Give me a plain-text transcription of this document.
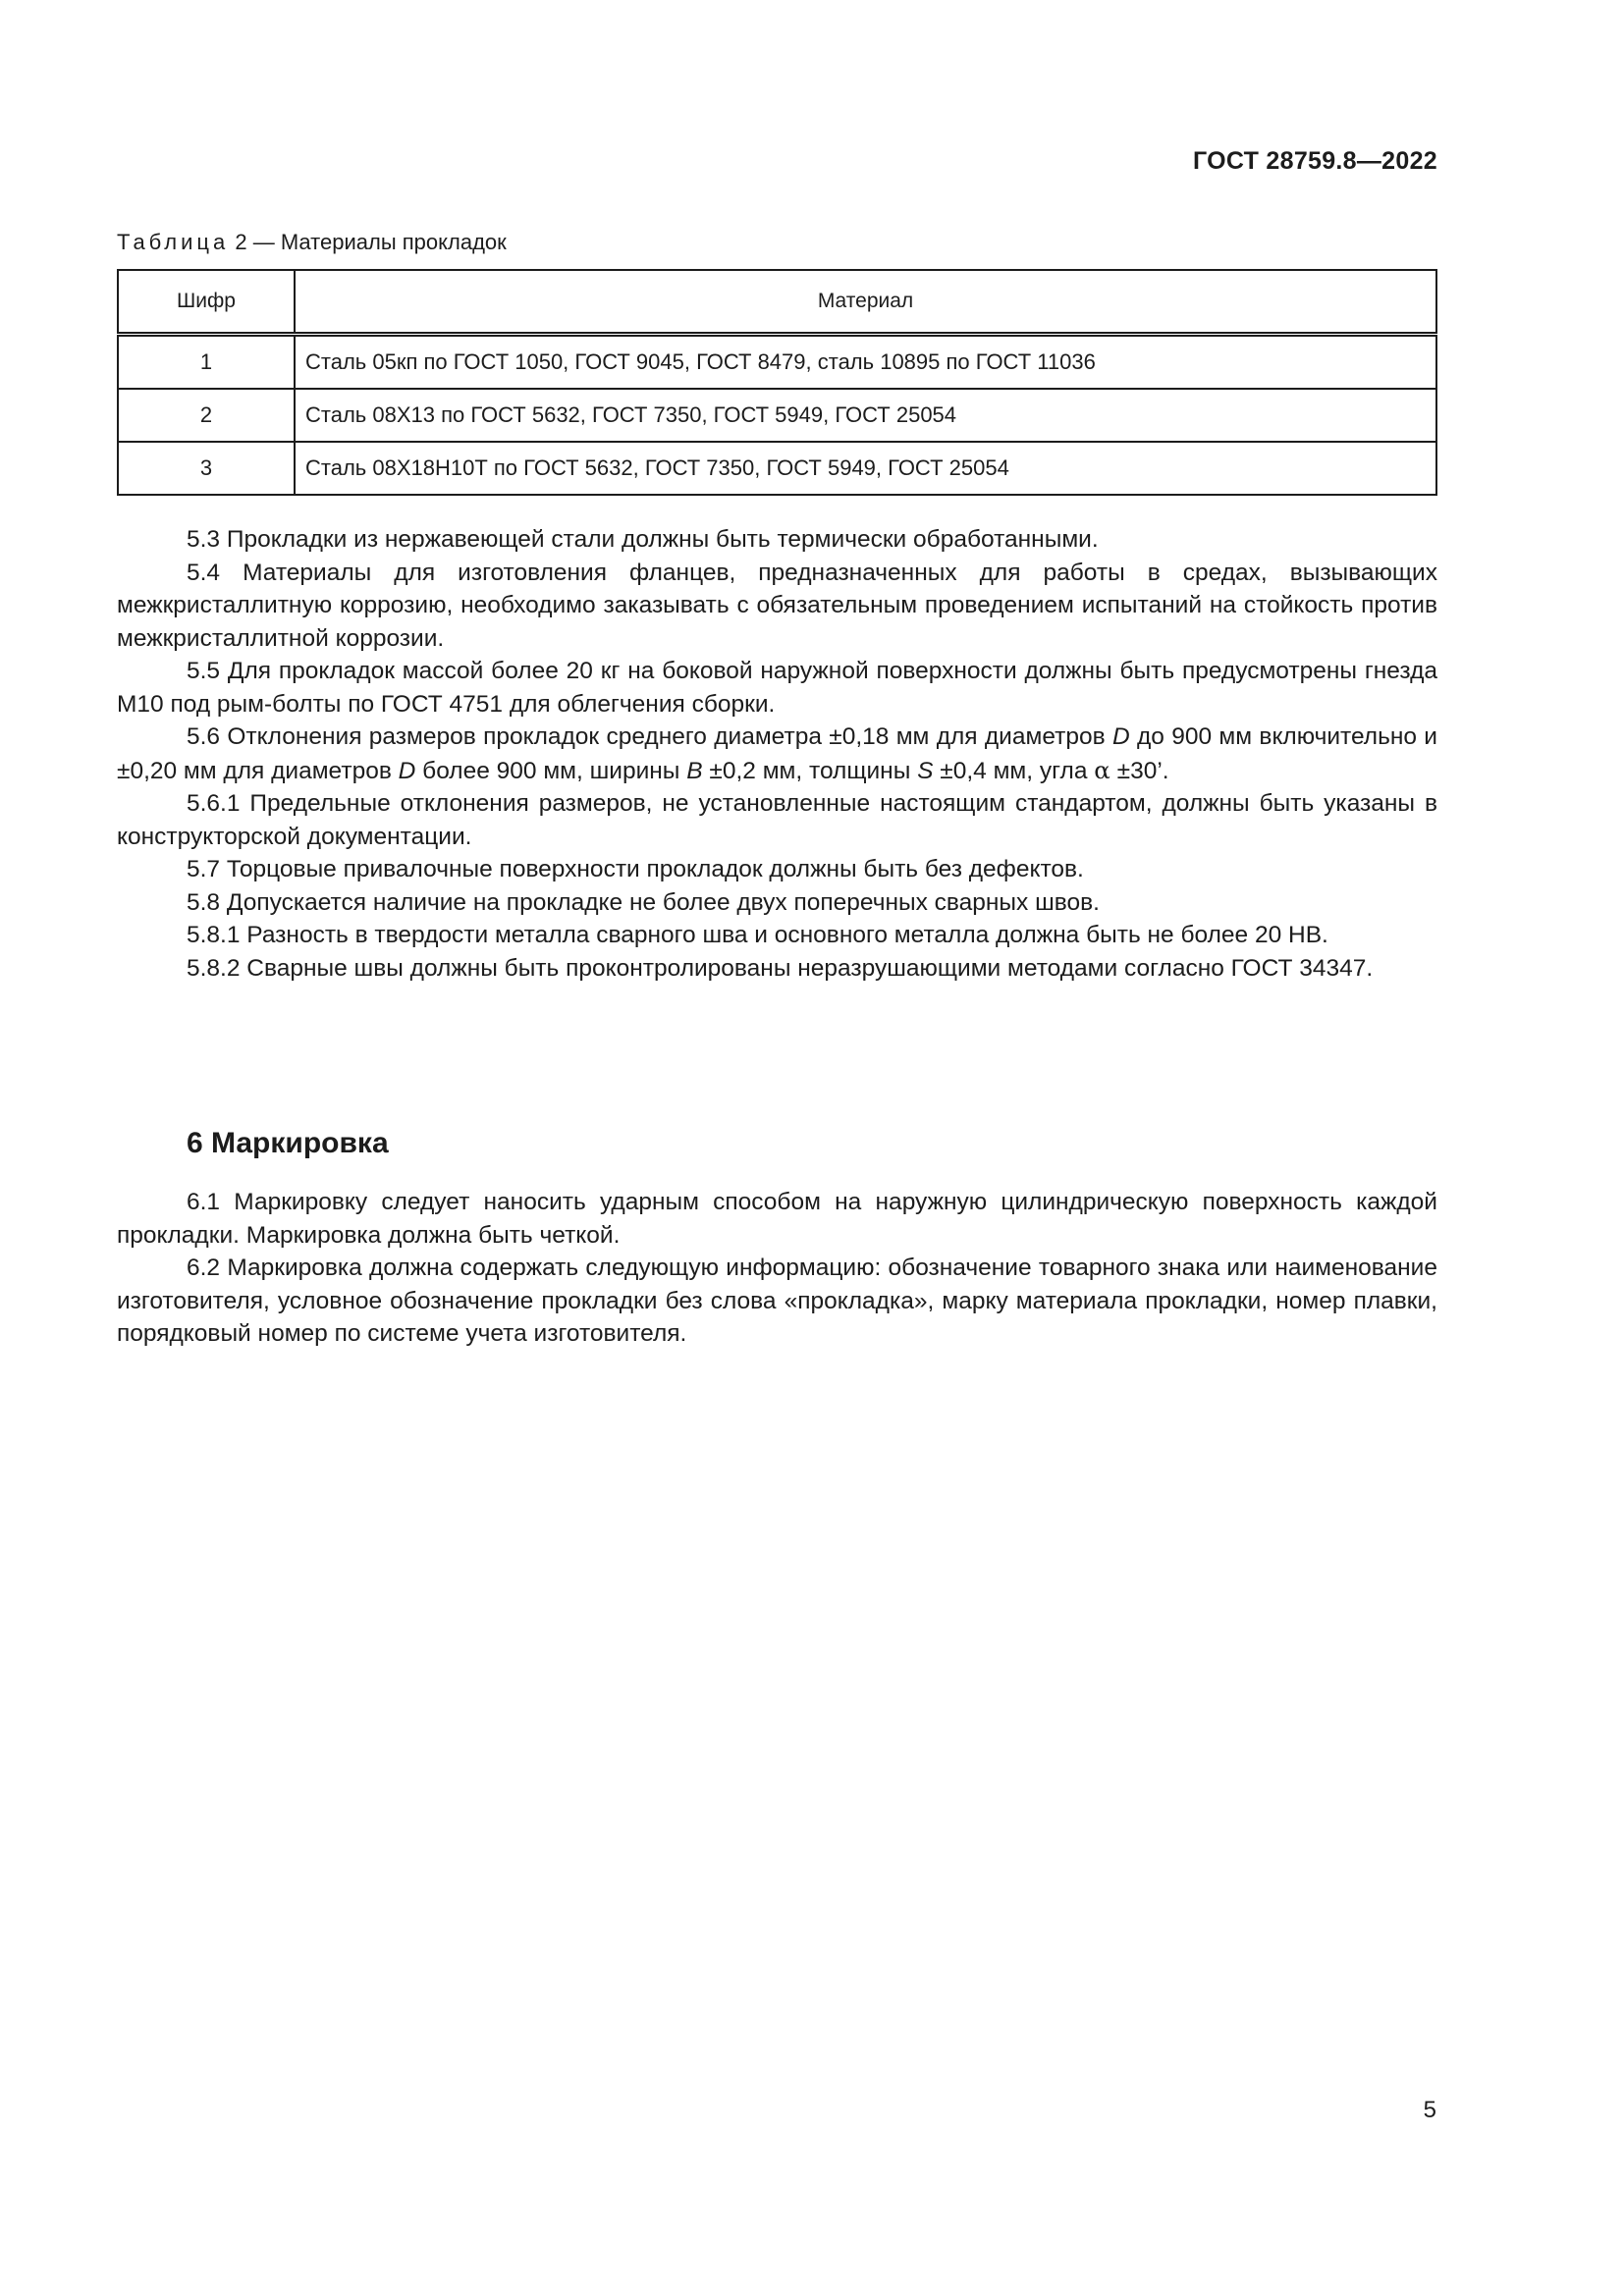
ГОСТ 28759.8—2022
Таблица 2 — Материалы прокладок
Шифр	Материал
1	Сталь 05кп по ГОСТ 1050, ГОСТ 9045, ГОСТ 8479, сталь 10895 по ГОСТ 11036
2	Сталь 08Х13 по ГОСТ 5632, ГОСТ 7350, ГОСТ 5949, ГОСТ 25054
3	Сталь 08Х18Н10Т по ГОСТ 5632, ГОСТ 7350, ГОСТ 5949, ГОСТ 25054

5.3 Прокладки из нержавеющей стали должны быть термически обработанными.

5.4 Материалы для изготовления фланцев, предназначенных для работы в средах, вызывающих межкристаллитную коррозию, необходимо заказывать с обязательным проведением испытаний на стойкость против межкристаллитной коррозии.

5.5 Для прокладок массой более 20 кг на боковой наружной поверхности должны быть предусмотрены гнезда М10 под рым-болты по ГОСТ 4751 для облегчения сборки.

5.6 Отклонения размеров прокладок среднего диаметра ±0,18 мм для диаметров D до 900 мм включительно и ±0,20 мм для диаметров D более 900 мм, ширины B ±0,2 мм, толщины S ±0,4 мм, угла α ±30’.

5.6.1 Предельные отклонения размеров, не установленные настоящим стандартом, должны быть указаны в конструкторской документации.

5.7 Торцовые привалочные поверхности прокладок должны быть без дефектов.

5.8 Допускается наличие на прокладке не более двух поперечных сварных швов.

5.8.1 Разность в твердости металла сварного шва и основного металла должна быть не более 20 НВ.

5.8.2 Сварные швы должны быть проконтролированы неразрушающими методами согласно ГОСТ 34347.

6 Маркировка

6.1 Маркировку следует наносить ударным способом на наружную цилиндрическую поверхность каждой прокладки. Маркировка должна быть четкой.

6.2 Маркировка должна содержать следующую информацию: обозначение товарного знака или наименование изготовителя, условное обозначение прокладки без слова «прокладка», марку материала прокладки, номер плавки, порядковый номер по системе учета изготовителя.

5
